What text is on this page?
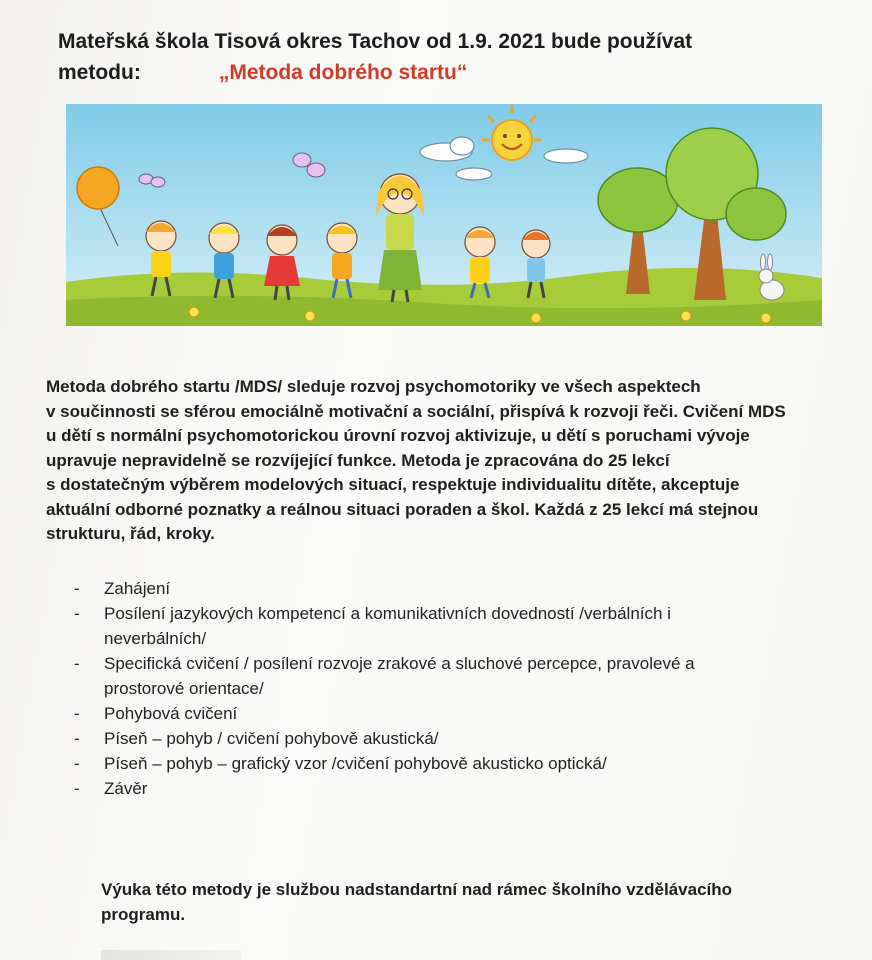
Mateřská škola Tisová okres Tachov od 1.9. 2021 bude používat
metodu:	„Metoda dobrého startu“
Metoda dobrého startu /MDS/ sleduje rozvoj psychomotoriky ve všech aspektech
v součinnosti se sférou emociálně motivační a sociální, přispívá k rozvoji řeči. Cvičení MDS
u dětí s normální psychomotorickou úrovní rozvoj aktivizuje, u dětí s poruchami vývoje
upravuje nepravidelně se rozvíjející funkce. Metoda je zpracována do 25 lekcí
s dostatečným výběrem modelových situací, respektuje individualitu dítěte, akceptuje
aktuální odborné poznatky a reálnou situaci poraden a škol. Každá z 25 lekcí má stejnou
strukturu, řád, kroky.
- Zahájení
- Posílení jazykových kompetencí a komunikativních dovedností /verbálních i
neverbálních/
- Specifická cvičení / posílení rozvoje zrakové a sluchové percepce, pravolevé a
prostorové orientace/
- Pohybová cvičení
- Píseň – pohyb / cvičení pohybově akustická/
- Píseň – pohyb – grafický vzor /cvičení pohybově akusticko optická/
- Závěr
Výuka této metody je službou nadstandartní nad rámec školního vzdělávacího
programu.
